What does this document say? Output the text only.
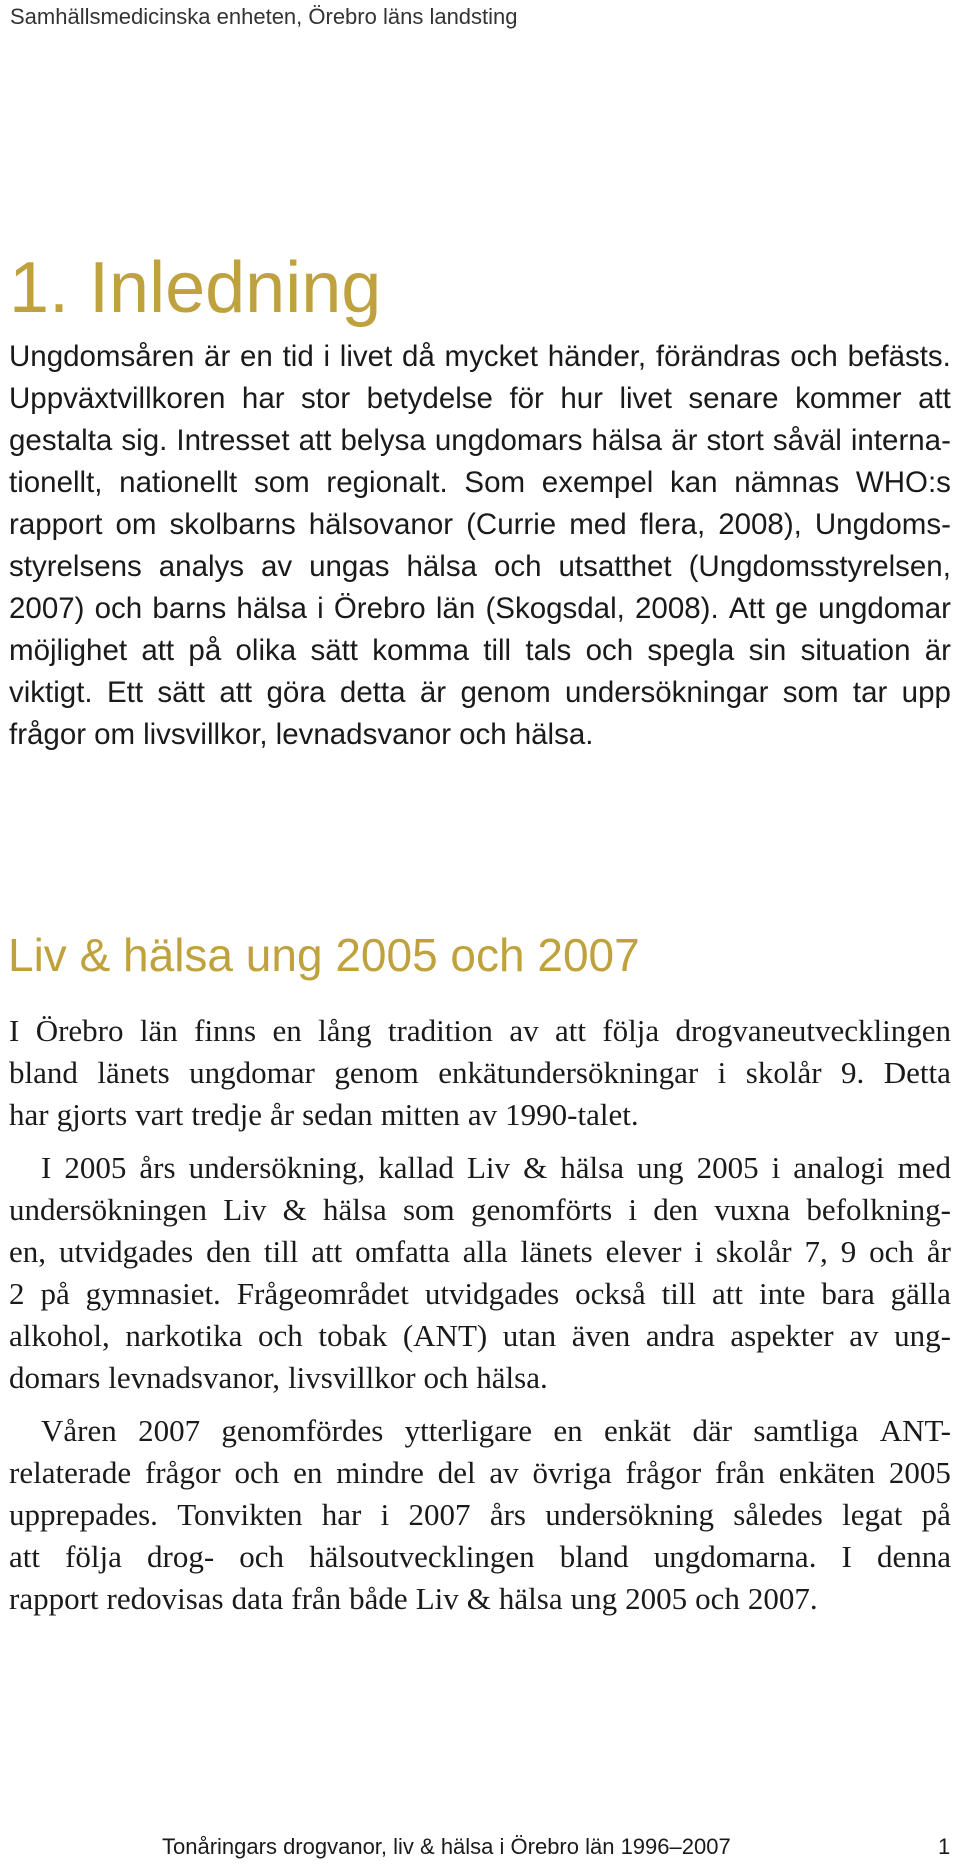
Samhällsmedicinska enheten, Örebro läns landsting
1. Inledning
Ungdomsåren är en tid i livet då mycket händer, förändras och befästs.
Uppväxtvillkoren har stor betydelse för hur livet senare kommer att
gestalta sig. Intresset att belysa ungdomars hälsa är stort såväl interna-
tionellt, nationellt som regionalt. Som exempel kan nämnas WHO:s
rapport om skolbarns hälsovanor (Currie med flera, 2008), Ungdoms-
styrelsens analys av ungas hälsa och utsatthet (Ungdomsstyrelsen,
2007) och barns hälsa i Örebro län (Skogsdal, 2008). Att ge ungdomar
möjlighet att på olika sätt komma till tals och spegla sin situation är
viktigt. Ett sätt att göra detta är genom undersökningar som tar upp
frågor om livsvillkor, levnadsvanor och hälsa.
Liv & hälsa ung 2005 och 2007
I Örebro län finns en lång tradition av att följa drogvaneutvecklingen
bland länets ungdomar genom enkätundersökningar i skolår 9. Detta
har gjorts vart tredje år sedan mitten av 1990-talet.
I 2005 års undersökning, kallad Liv & hälsa ung 2005 i analogi med
undersökningen Liv & hälsa som genomförts i den vuxna befolkning-
en, utvidgades den till att omfatta alla länets elever i skolår 7, 9 och år
2 på gymnasiet. Frågeområdet utvidgades också till att inte bara gälla
alkohol, narkotika och tobak (ANT) utan även andra aspekter av ung-
domars levnadsvanor, livsvillkor och hälsa.
Våren 2007 genomfördes ytterligare en enkät där samtliga ANT-
relaterade frågor och en mindre del av övriga frågor från enkäten 2005
upprepades. Tonvikten har i 2007 års undersökning således legat på
att följa drog- och hälsoutvecklingen bland ungdomarna. I denna
rapport redovisas data från både Liv & hälsa ung 2005 och 2007.
Tonåringars drogvanor, liv & hälsa i Örebro län 1996–2007	1
